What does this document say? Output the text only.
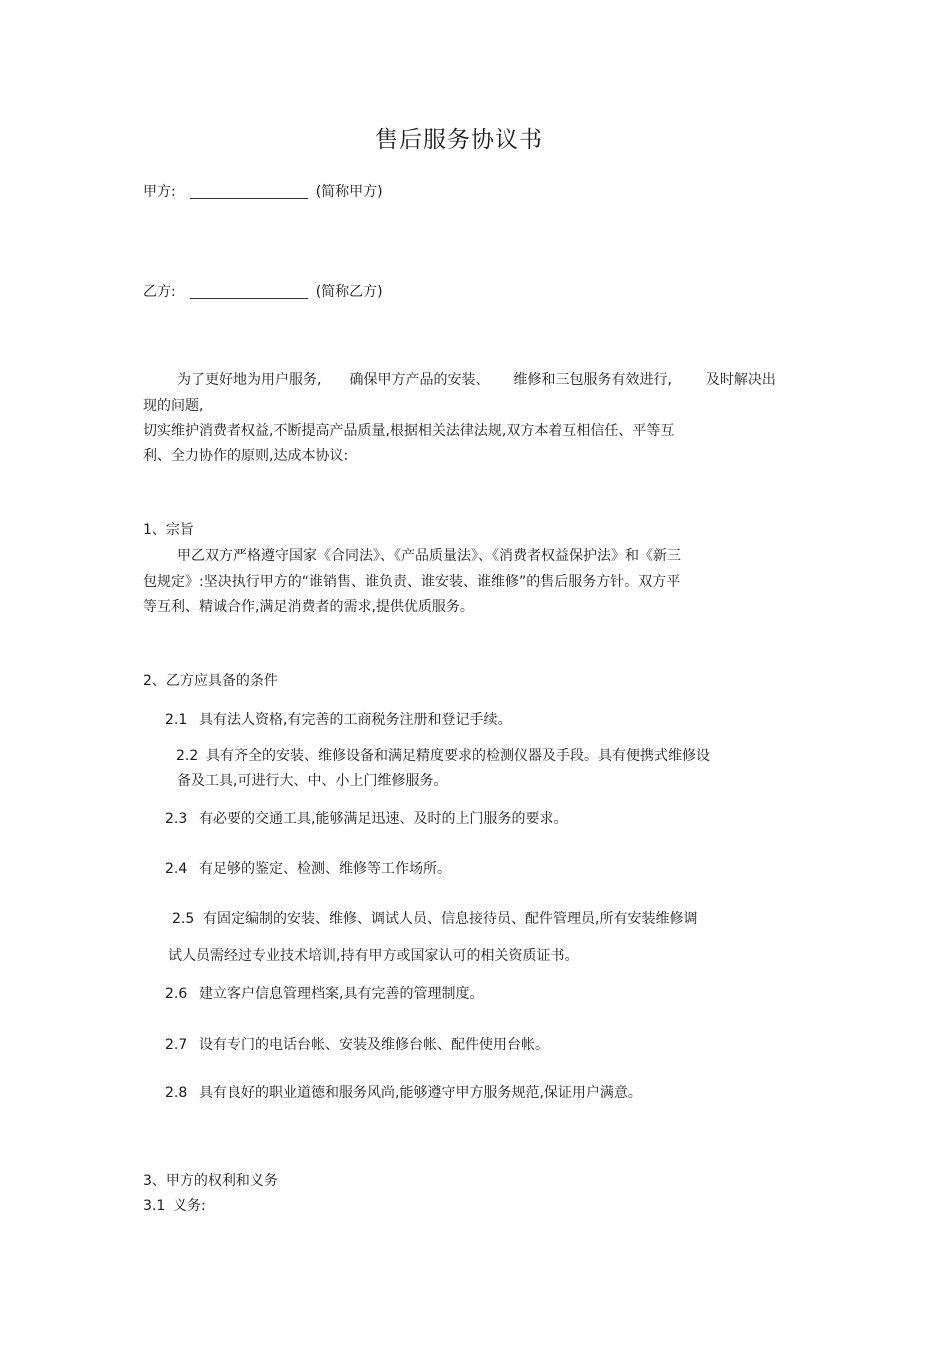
售后服务协议书
甲方:	(简称甲方)
乙方:	(简称乙方)
为了更好地为用户服务, 确保甲方产品的安装、 维修和三包服务有效进行, 及时解决出
现的问题,
切实维护消费者权益,不断提高产品质量,根据相关法律法规,双方本着互相信任、平等互
利、全力协作的原则,达成本协议:
1、宗旨
甲乙双方严格遵守国家《合同法》、《产品质量法》、《消费者权益保护法》和《新三
包规定》:坚决执行甲方的“谁销售、谁负责、谁安装、谁维修”的售后服务方针。双方平
等互利、精诚合作,满足消费者的需求,提供优质服务。
2、乙方应具备的条件
2.1 具有法人资格,有完善的工商税务注册和登记手续。
2.2 具有齐全的安装、维修设备和满足精度要求的检测仪器及手段。具有便携式维修设
备及工具,可进行大、中、小上门维修服务。
2.3 有必要的交通工具,能够满足迅速、及时的上门服务的要求。
2.4 有足够的鉴定、检测、维修等工作场所。
2.5 有固定编制的安装、维修、调试人员、信息接待员、配件管理员,所有安装维修调
试人员需经过专业技术培训,持有甲方或国家认可的相关资质证书。
2.6 建立客户信息管理档案,具有完善的管理制度。
2.7 设有专门的电话台帐、安装及维修台帐、配件使用台帐。
2.8 具有良好的职业道德和服务风尚,能够遵守甲方服务规范,保证用户满意。
3、甲方的权利和义务
3.1 义务:
